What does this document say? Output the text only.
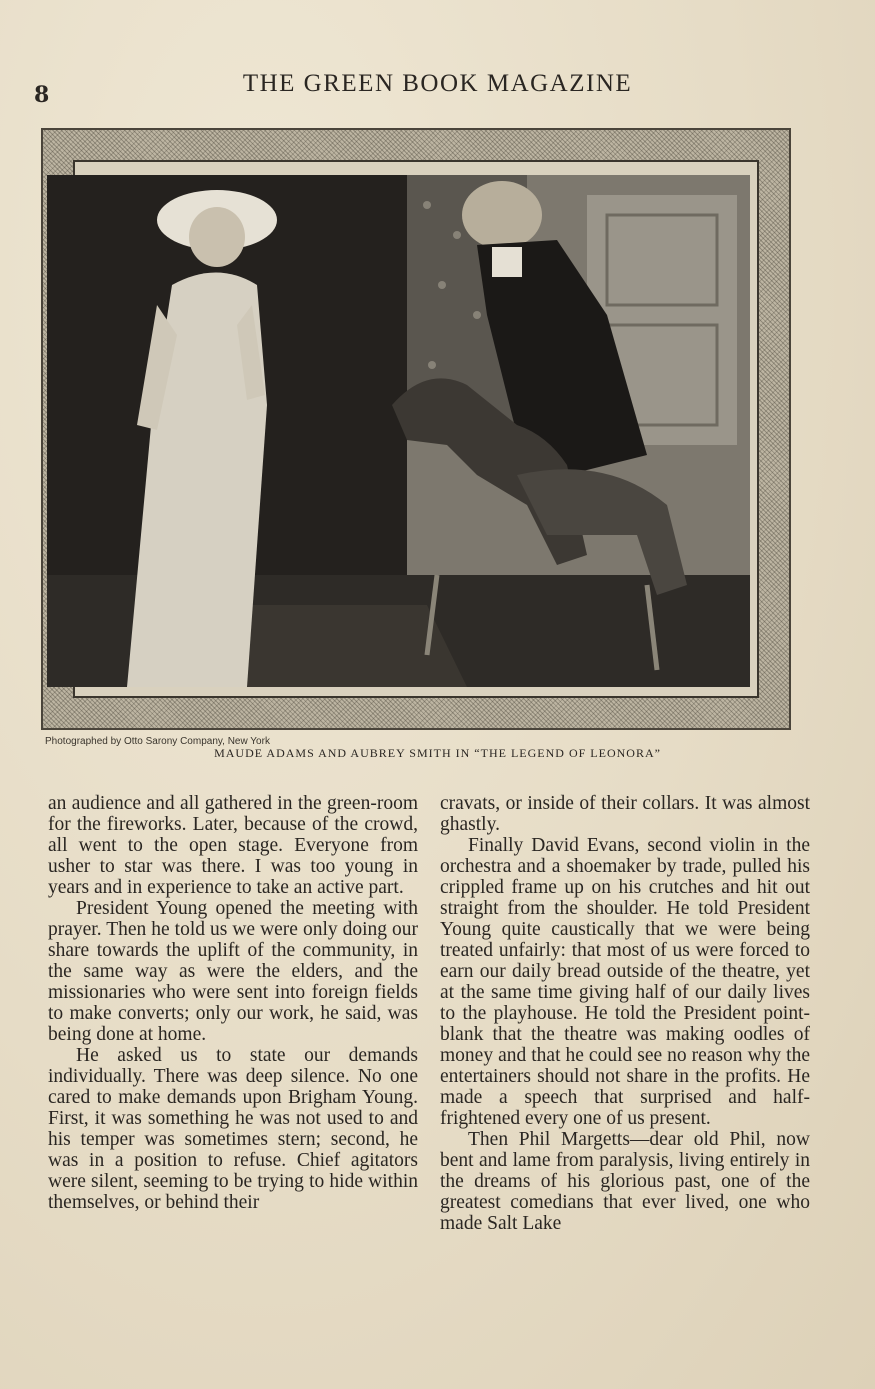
8	THE GREEN BOOK MAGAZINE
Photographed by Otto Sarony Company, New York
MAUDE ADAMS AND AUBREY SMITH IN “THE LEGEND OF LEONORA”

an audience and all gathered in the green-room for the fireworks. Later, because of the crowd, all went to the open stage. Everyone from usher to star was there. I was too young in years and in experience to take an active part.

President Young opened the meeting with prayer. Then he told us we were only doing our share towards the uplift of the community, in the same way as were the elders, and the missionaries who were sent into foreign fields to make converts; only our work, he said, was being done at home.

He asked us to state our demands individually. There was deep silence. No one cared to make demands upon Brigham Young. First, it was something he was not used to and his temper was sometimes stern; second, he was in a position to refuse. Chief agitators were silent, seeming to be trying to hide within themselves, or behind their

cravats, or inside of their collars. It was almost ghastly.

Finally David Evans, second violin in the orchestra and a shoemaker by trade, pulled his crippled frame up on his crutches and hit out straight from the shoulder. He told President Young quite caustically that we were being treated unfairly: that most of us were forced to earn our daily bread outside of the theatre, yet at the same time giving half of our daily lives to the playhouse. He told the President point-blank that the theatre was making oodles of money and that he could see no reason why the entertainers should not share in the profits. He made a speech that surprised and half-frightened every one of us present.

Then Phil Margetts—dear old Phil, now bent and lame from paralysis, living entirely in the dreams of his glorious past, one of the greatest comedians that ever lived, one who made Salt Lake
